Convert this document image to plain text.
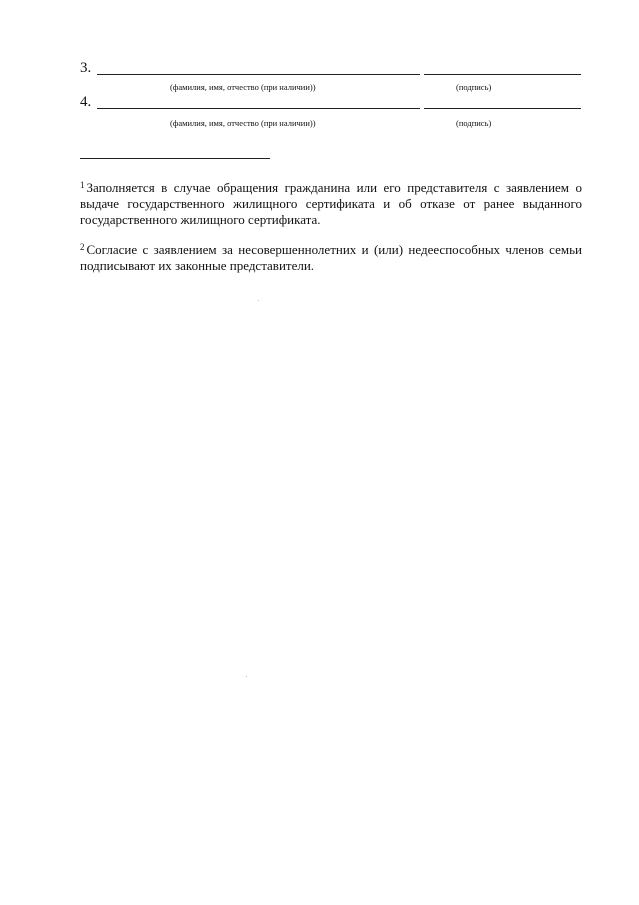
3.
(фамилия, имя, отчество (при наличии))	(подпись)
4.
(фамилия, имя, отчество (при наличии))	(подпись)
$^1$ Заполняется в случае обращения гражданина или его представителя с заявлением о выдаче государственного жилищного сертификата и об отказе от ранее выданного государственного жилищного сертификата.
$^2$ Согласие с заявлением за несовершеннолетних и (или) недееспособных членов семьи подписывают их законные представители.
